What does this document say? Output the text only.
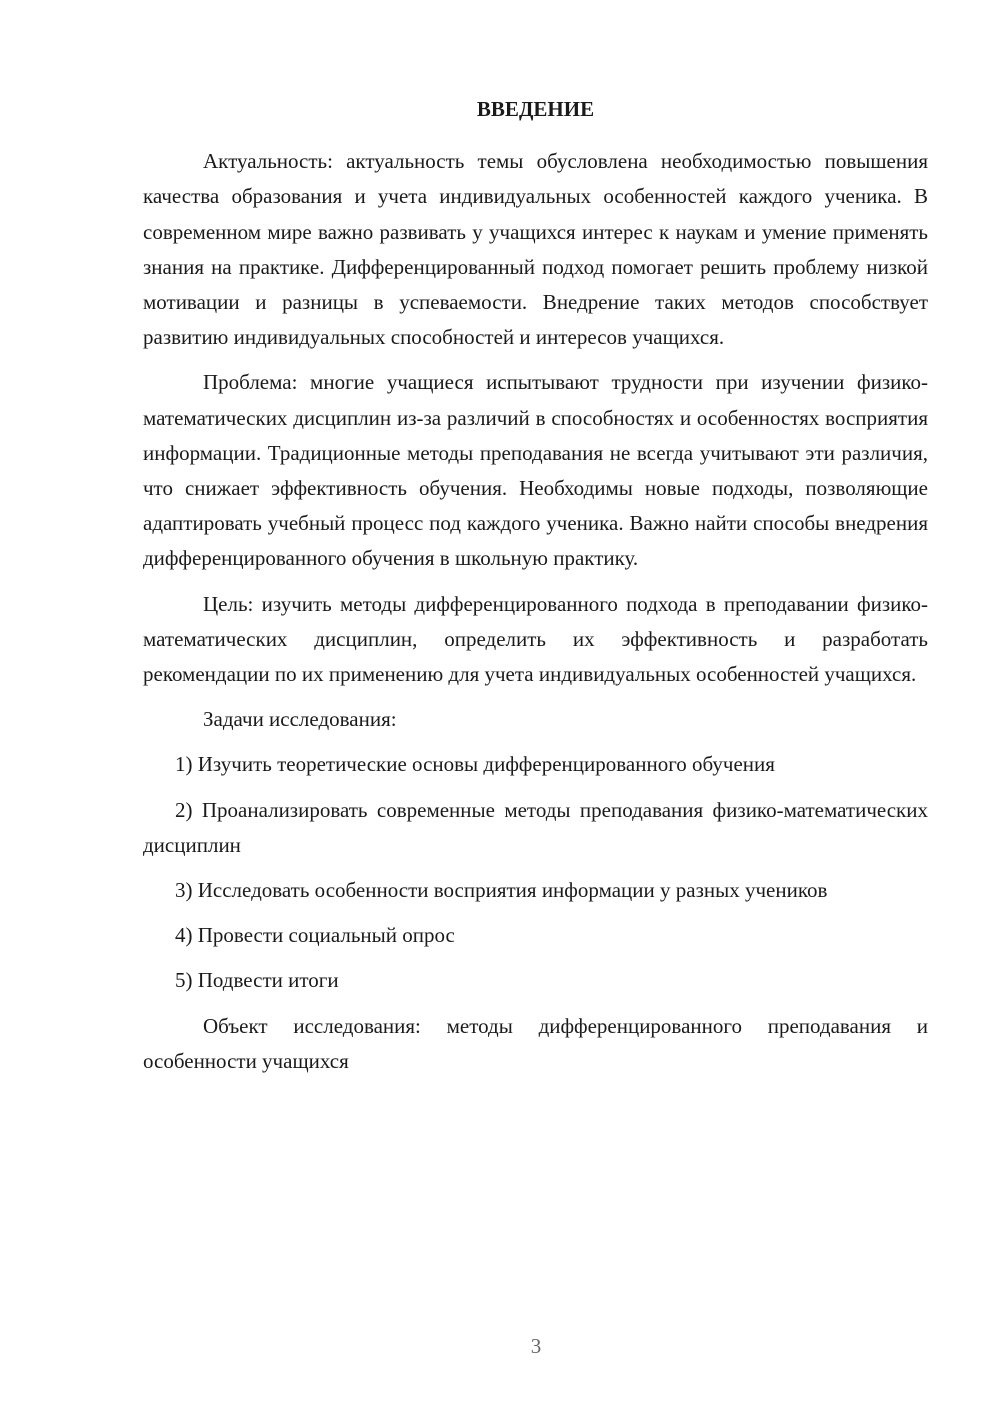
ВВЕДЕНИЕ

Актуальность: актуальность темы обусловлена необходимостью повышения качества образования и учета индивидуальных особенностей каждого ученика. В современном мире важно развивать у учащихся интерес к наукам и умение применять знания на практике. Дифференцированный подход помогает решить проблему низкой мотивации и разницы в успеваемости. Внедрение таких методов способствует развитию индивидуальных способностей и интересов учащихся.

Проблема: многие учащиеся испытывают трудности при изучении физико-математических дисциплин из-за различий в способностях и особенностях восприятия информации. Традиционные методы преподавания не всегда учитывают эти различия, что снижает эффективность обучения. Необходимы новые подходы, позволяющие адаптировать учебный процесс под каждого ученика. Важно найти способы внедрения дифференцированного обучения в школьную практику.

Цель: изучить методы дифференцированного подхода в преподавании физико-математических дисциплин, определить их эффективность и разработать рекомендации по их применению для учета индивидуальных особенностей учащихся.

Задачи исследования:

1) Изучить теоретические основы дифференцированного обучения

2) Проанализировать современные методы преподавания физико-математических дисциплин

3) Исследовать особенности восприятия информации у разных учеников

4) Провести социальный опрос

5) Подвести итоги

Объект исследования: методы дифференцированного преподавания и особенности учащихся

3
